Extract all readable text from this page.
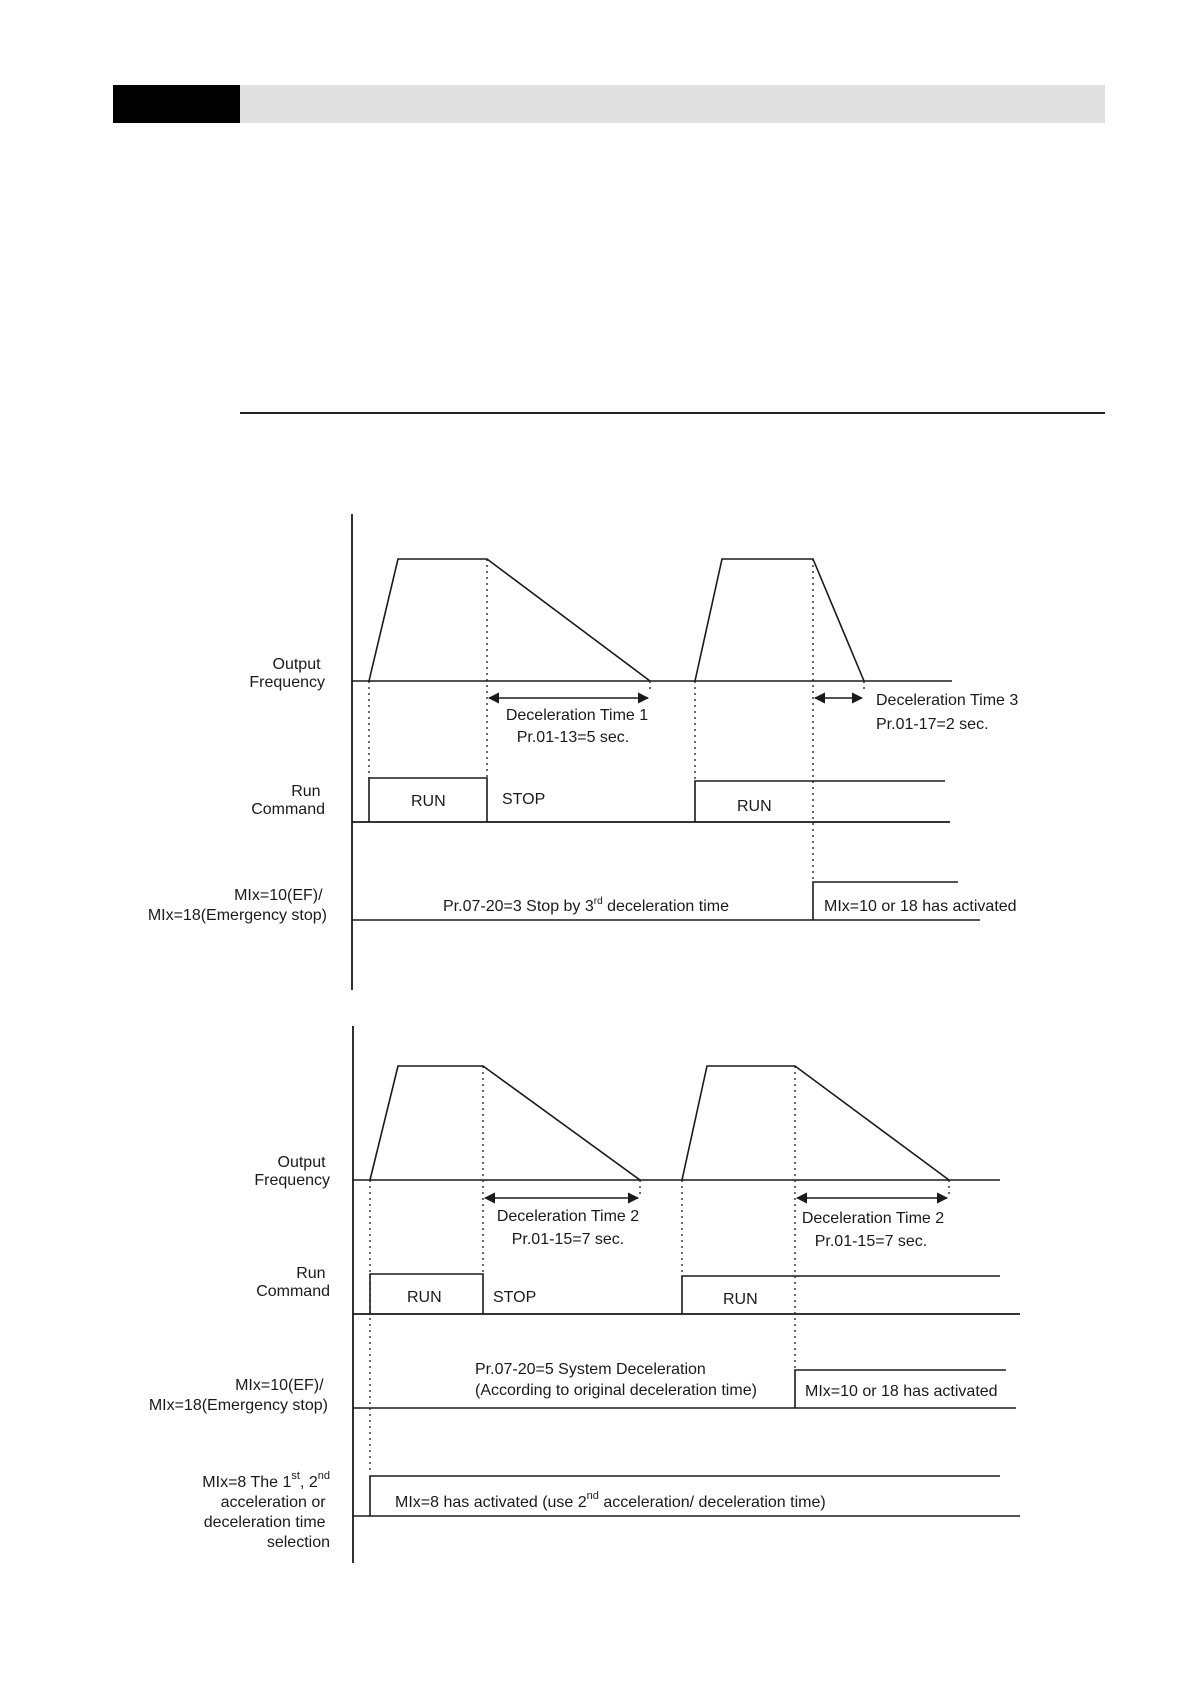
Output Frequency
Run Command
MIx=10(EF)/ MIx=18(Emergency stop)
RUN	STOP	RUN
Deceleration Time 1
Pr.01-13=5 sec.
Deceleration Time 3
Pr.01-17=2 sec.
Pr.07-20=3 Stop by 3rd deceleration time	MIx=10 or 18 has activated
Output Frequency
Run Command
MIx=10(EF)/ MIx=18(Emergency stop)
RUN	STOP	RUN
Deceleration Time 2
Pr.01-15=7 sec.
Deceleration Time 2
Pr.01-15=7 sec.
Pr.07-20=5 System Deceleration
(According to original deceleration time)	MIx=10 or 18 has activated
MIx=8 The 1st, 2nd
acceleration or deceleration time selection
MIx=8 has activated (use 2nd acceleration/ deceleration time)
